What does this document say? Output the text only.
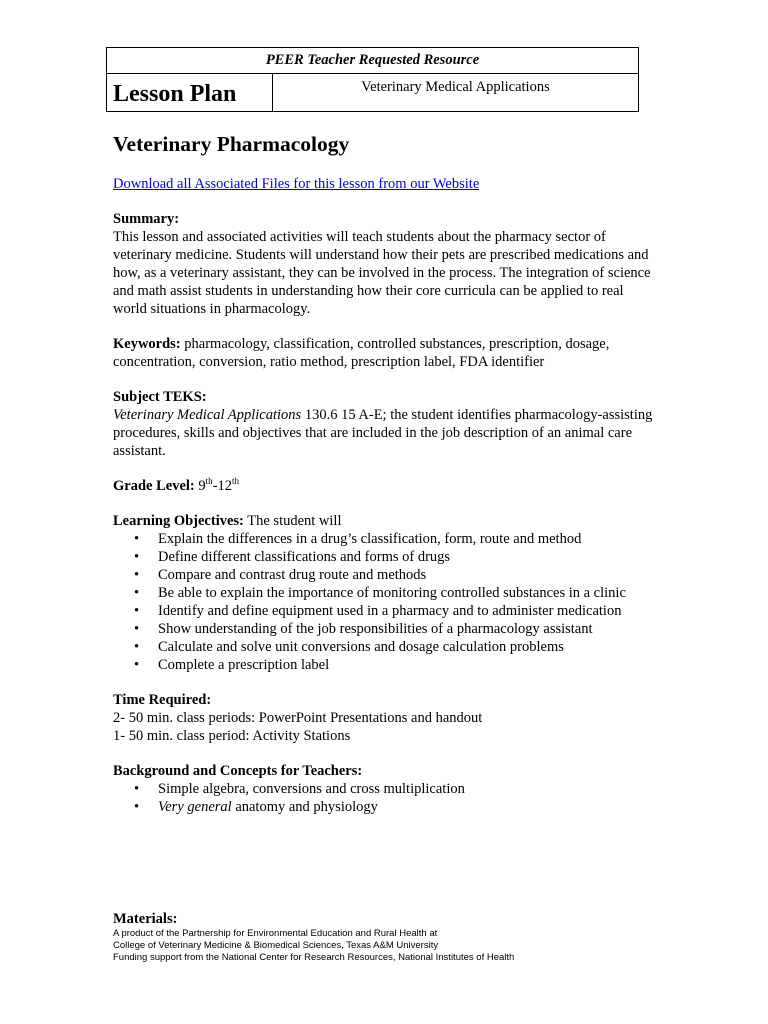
PEER Teacher Requested Resource
Lesson Plan	Veterinary Medical Applications
Veterinary Pharmacology
Download all Associated Files for this lesson from our Website

Summary:

This lesson and associated activities will teach students about the pharmacy sector of veterinary medicine. Students will understand how their pets are prescribed medications and how, as a veterinary assistant, they can be involved in the process. The integration of science and math assist students in understanding how their core curricula can be applied to real world situations in pharmacology.

Keywords: pharmacology, classification, controlled substances, prescription, dosage, concentration, conversion, ratio method, prescription label, FDA identifier

Subject TEKS:

Veterinary Medical Applications 130.6 15 A-E; the student identifies pharmacology-assisting procedures, skills and objectives that are included in the job description of an animal care assistant.

Grade Level: 9th-12th

Learning Objectives: The student will

• Explain the differences in a drug’s classification, form, route and method
• Define different classifications and forms of drugs
• Compare and contrast drug route and methods
• Be able to explain the importance of monitoring controlled substances in a clinic
• Identify and define equipment used in a pharmacy and to administer medication
• Show understanding of the job responsibilities of a pharmacology assistant
• Calculate and solve unit conversions and dosage calculation problems
• Complete a prescription label

Time Required:

2- 50 min. class periods: PowerPoint Presentations and handout

1- 50 min. class period: Activity Stations

Background and Concepts for Teachers:

• Simple algebra, conversions and cross multiplication
• Very general anatomy and physiology
Materials:
A product of the Partnership for Environmental Education and Rural Health at
College of Veterinary Medicine & Biomedical Sciences, Texas A&M University
Funding support from the National Center for Research Resources, National Institutes of Health
